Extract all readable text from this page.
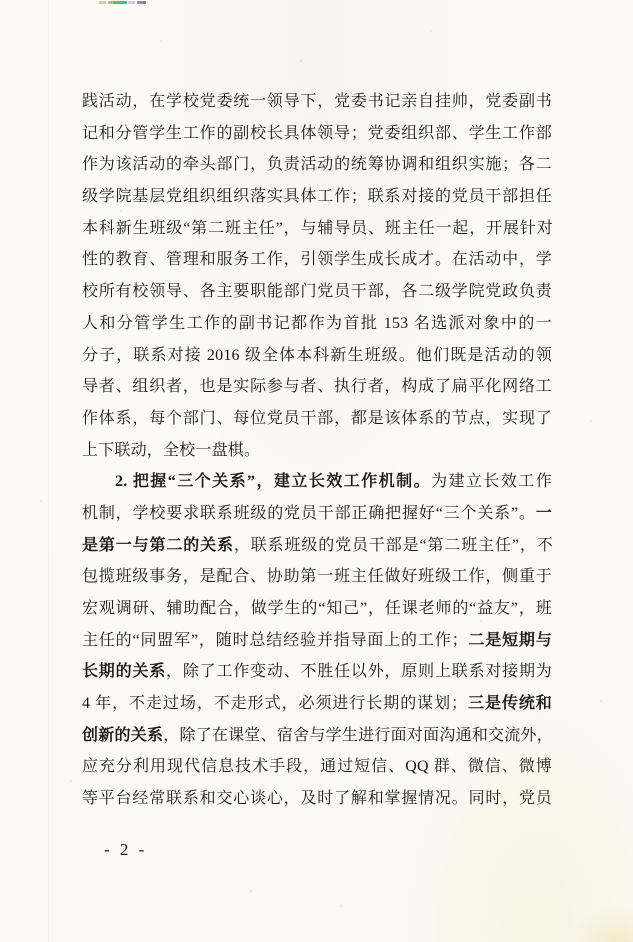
践活动，在学校党委统一领导下，党委书记亲自挂帅，党委副书
记和分管学生工作的副校长具体领导；党委组织部、学生工作部
作为该活动的牵头部门，负责活动的统筹协调和组织实施；各二
级学院基层党组织组织落实具体工作；联系对接的党员干部担任
本科新生班级“第二班主任”，与辅导员、班主任一起，开展针对
性的教育、管理和服务工作，引领学生成长成才。在活动中，学
校所有校领导、各主要职能部门党员干部，各二级学院党政负责
人和分管学生工作的副书记都作为首批 153 名选派对象中的一
分子，联系对接 2016 级全体本科新生班级。他们既是活动的领
导者、组织者，也是实际参与者、执行者，构成了扁平化网络工
作体系，每个部门、每位党员干部，都是该体系的节点，实现了
上下联动，全校一盘棋。
2. 把握“三个关系”，建立长效工作机制。为建立长效工作
机制，学校要求联系班级的党员干部正确把握好“三个关系”。一
是第一与第二的关系，联系班级的党员干部是“第二班主任”，不
包揽班级事务，是配合、协助第一班主任做好班级工作，侧重于
宏观调研、辅助配合，做学生的“知己”，任课老师的“益友”，班
主任的“同盟军”，随时总结经验并指导面上的工作；二是短期与
长期的关系，除了工作变动、不胜任以外，原则上联系对接期为
4 年，不走过场，不走形式，必须进行长期的谋划；三是传统和
创新的关系，除了在课堂、宿舍与学生进行面对面沟通和交流外，
应充分利用现代信息技术手段，通过短信、QQ 群、微信、微博
等平台经常联系和交心谈心，及时了解和掌握情况。同时，党员
- 2 -
